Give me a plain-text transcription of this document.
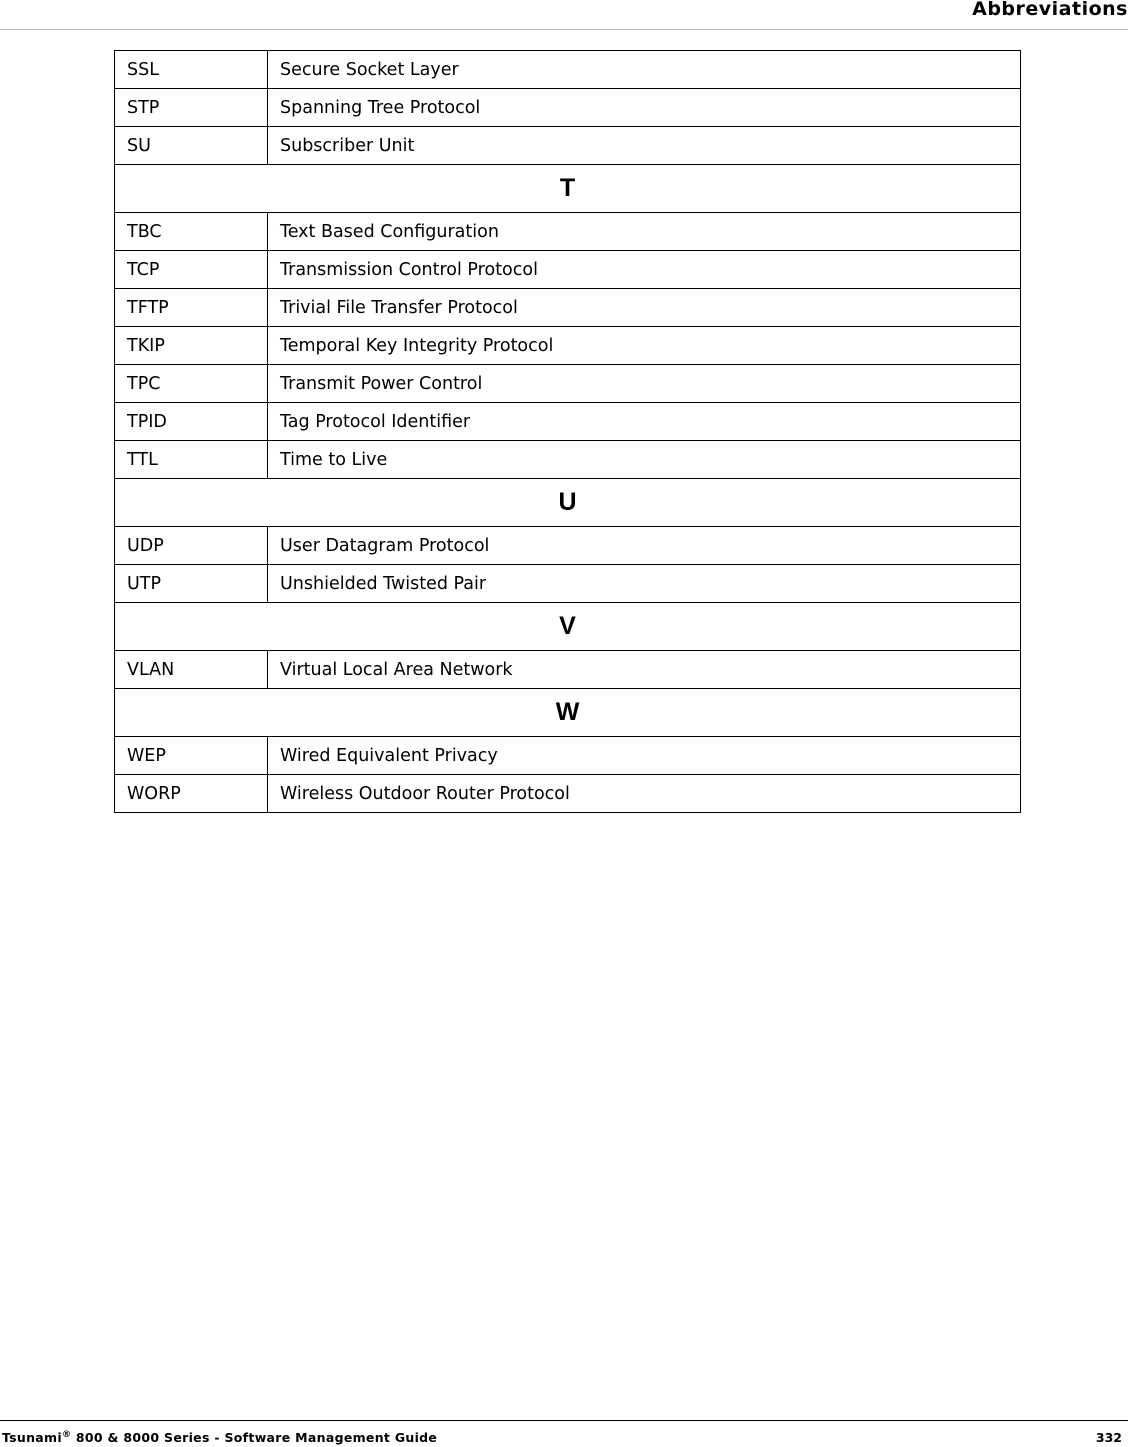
Abbreviations
SSL	Secure Socket Layer
STP	Spanning Tree Protocol
SU	Subscriber Unit
T	
TBC	Text Based Configuration
TCP	Transmission Control Protocol
TFTP	Trivial File Transfer Protocol
TKIP	Temporal Key Integrity Protocol
TPC	Transmit Power Control
TPID	Tag Protocol Identifier
TTL	Time to Live
U	
UDP	User Datagram Protocol
UTP	Unshielded Twisted Pair
V	
VLAN	Virtual Local Area Network
W	
WEP	Wired Equivalent Privacy
WORP	Wireless Outdoor Router Protocol
Tsunami® 800 & 8000 Series - Software Management Guide	332
